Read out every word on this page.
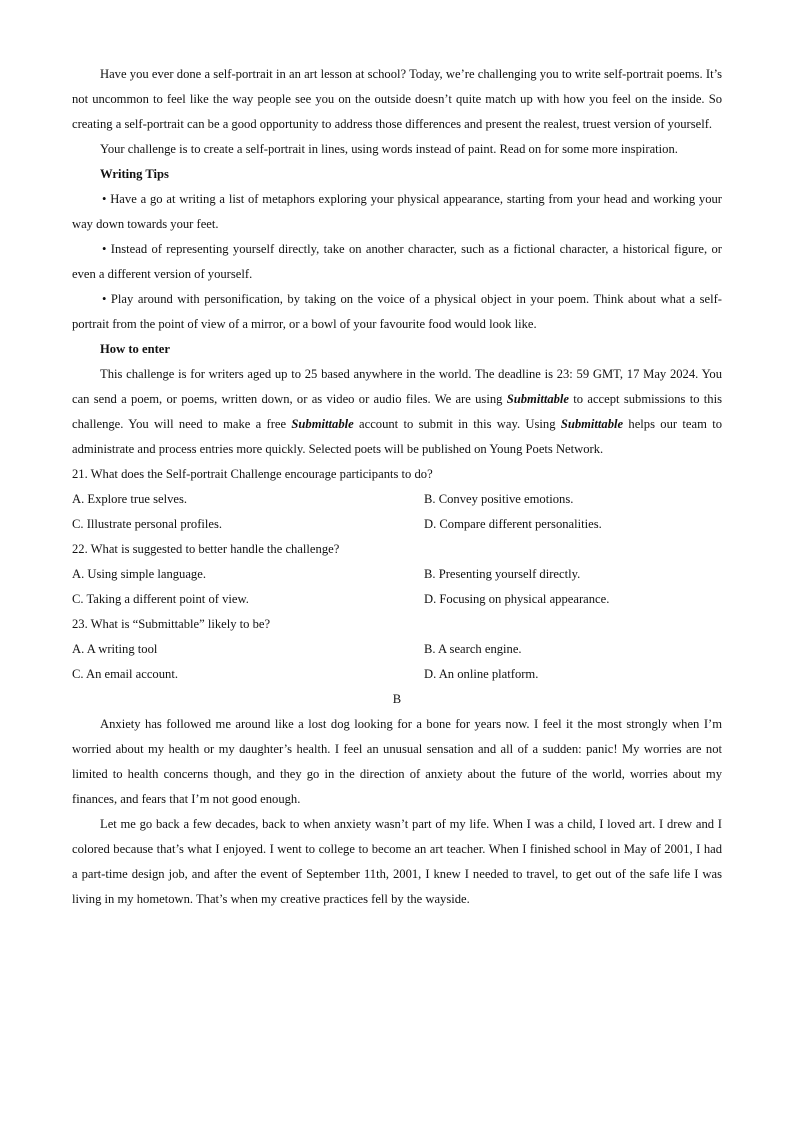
Have you ever done a self-portrait in an art lesson at school? Today, we’re challenging you to write self-portrait poems. It’s not uncommon to feel like the way people see you on the outside doesn’t quite match up with how you feel on the inside. So creating a self-portrait can be a good opportunity to address those differences and present the realest, truest version of yourself.

Your challenge is to create a self-portrait in lines, using words instead of paint. Read on for some more inspiration.

Writing Tips

• Have a go at writing a list of metaphors exploring your physical appearance, starting from your head and working your way down towards your feet.

• Instead of representing yourself directly, take on another character, such as a fictional character, a historical figure, or even a different version of yourself.

• Play around with personification, by taking on the voice of a physical object in your poem. Think about what a self-portrait from the point of view of a mirror, or a bowl of your favourite food would look like.

How to enter

This challenge is for writers aged up to 25 based anywhere in the world. The deadline is 23: 59 GMT, 17 May 2024. You can send a poem, or poems, written down, or as video or audio files. We are using Submittable to accept submissions to this challenge. You will need to make a free Submittable account to submit in this way. Using Submittable helps our team to administrate and process entries more quickly. Selected poets will be published on Young Poets Network.

21. What does the Self-portrait Challenge encourage participants to do?

A. Explore true selves.	B. Convey positive emotions.
C. Illustrate personal profiles.	D. Compare different personalities.

22. What is suggested to better handle the challenge?

A. Using simple language.	B. Presenting yourself directly.
C. Taking a different point of view.	D. Focusing on physical appearance.

23. What is “Submittable” likely to be?

A. A writing tool	B. A search engine.
C. An email account.	D. An online platform.

B

Anxiety has followed me around like a lost dog looking for a bone for years now. I feel it the most strongly when I’m worried about my health or my daughter’s health. I feel an unusual sensation and all of a sudden: panic! My worries are not limited to health concerns though, and they go in the direction of anxiety about the future of the world, worries about my finances, and fears that I’m not good enough.

Let me go back a few decades, back to when anxiety wasn’t part of my life. When I was a child, I loved art. I drew and I colored because that’s what I enjoyed. I went to college to become an art teacher. When I finished school in May of 2001, I had a part-time design job, and after the event of September 11th, 2001, I knew I needed to travel, to get out of the safe life I was living in my hometown. That’s when my creative practices fell by the wayside.
